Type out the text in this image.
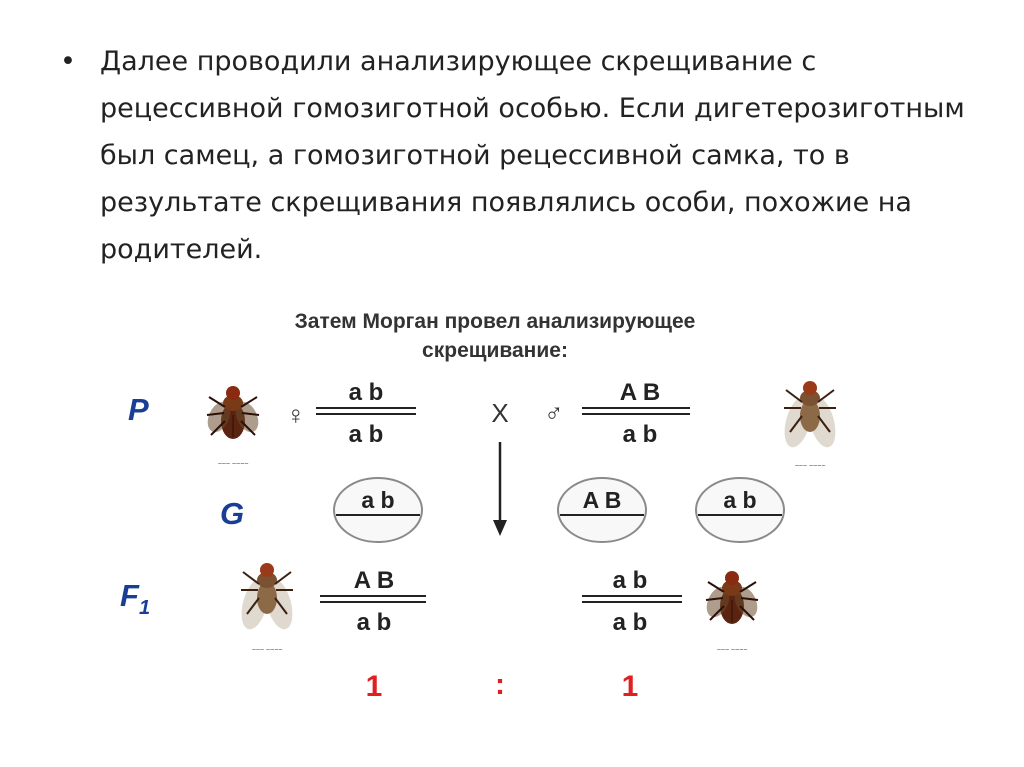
• Далее проводили анализирующее скрещивание с рецессивной гомозиготной особью. Если дигетерозиготным был самец, а гомозиготной рецессивной самка, то в результате скрещивания появлялись особи, похожие на родителей.
Затем Морган провел анализирующее
скрещивание:
P
G
$F_1$
~~~ ~~~~
♀
a b
a b
X ♂
A B
a b
~~~ ~~~~
a b	A B	a b
~~~ ~~~~
A B
a b
a b
a b
~~~ ~~~~
1	:	1
